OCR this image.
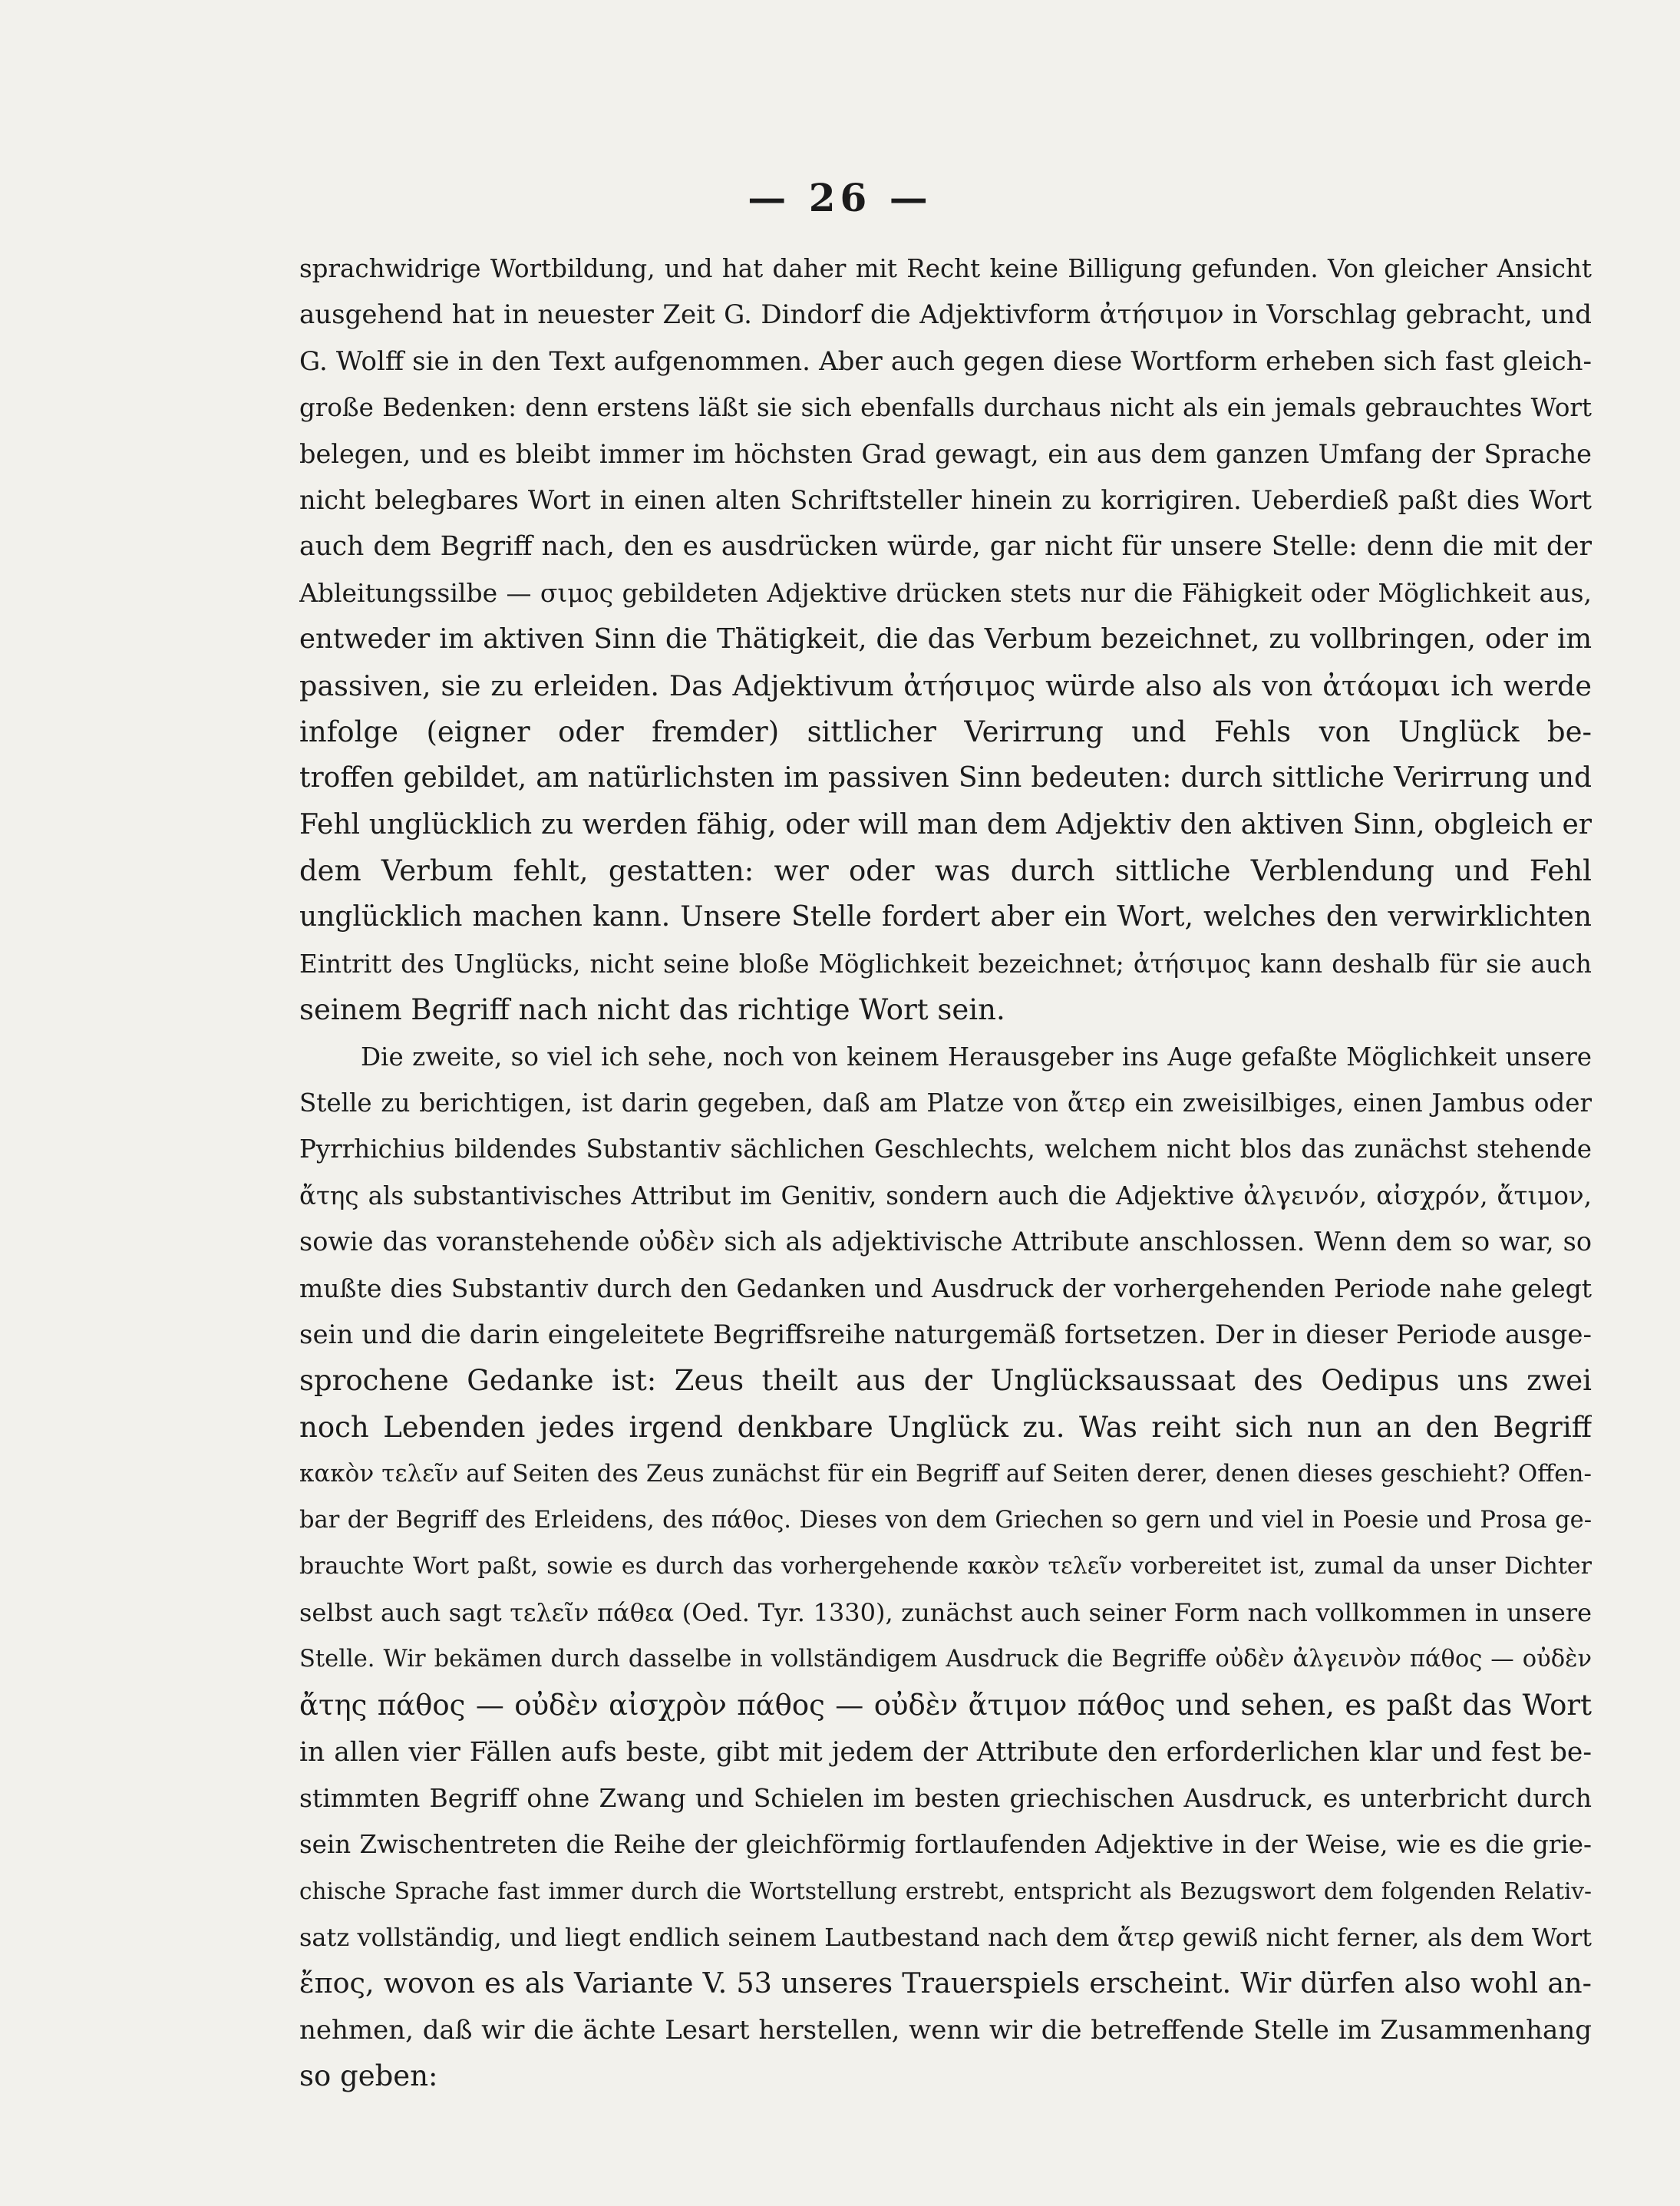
— 26 —
sprachwidrige Wortbildung, und hat daher mit Recht keine Billigung gefunden. Von gleicher Ansicht
ausgehend hat in neuester Zeit G. Dindorf die Adjektivform ἀτήσιμον in Vorschlag gebracht, und
G. Wolff sie in den Text aufgenommen. Aber auch gegen diese Wortform erheben sich fast gleich-
große Bedenken: denn erstens läßt sie sich ebenfalls durchaus nicht als ein jemals gebrauchtes Wort
belegen, und es bleibt immer im höchsten Grad gewagt, ein aus dem ganzen Umfang der Sprache
nicht belegbares Wort in einen alten Schriftsteller hinein zu korrigiren. Ueberdieß paßt dies Wort
auch dem Begriff nach, den es ausdrücken würde, gar nicht für unsere Stelle: denn die mit der
Ableitungssilbe — σιμος gebildeten Adjektive drücken stets nur die Fähigkeit oder Möglichkeit aus,
entweder im aktiven Sinn die Thätigkeit, die das Verbum bezeichnet, zu vollbringen, oder im
passiven, sie zu erleiden. Das Adjektivum ἀτήσιμος würde also als von ἀτάομαι ich werde
infolge (eigner oder fremder) sittlicher Verirrung und Fehls von Unglück be-
troffen gebildet, am natürlichsten im passiven Sinn bedeuten: durch sittliche Verirrung und
Fehl unglücklich zu werden fähig, oder will man dem Adjektiv den aktiven Sinn, obgleich er
dem Verbum fehlt, gestatten: wer oder was durch sittliche Verblendung und Fehl
unglücklich machen kann. Unsere Stelle fordert aber ein Wort, welches den verwirklichten
Eintritt des Unglücks, nicht seine bloße Möglichkeit bezeichnet; ἀτήσιμος kann deshalb für sie auch
seinem Begriff nach nicht das richtige Wort sein.
Die zweite, so viel ich sehe, noch von keinem Herausgeber ins Auge gefaßte Möglichkeit unsere
Stelle zu berichtigen, ist darin gegeben, daß am Platze von ἄτερ ein zweisilbiges, einen Jambus oder
Pyrrhichius bildendes Substantiv sächlichen Geschlechts, welchem nicht blos das zunächst stehende
ἄτης als substantivisches Attribut im Genitiv, sondern auch die Adjektive ἀλγεινόν, αἰσχρόν, ἄτιμον,
sowie das voranstehende οὐδὲν sich als adjektivische Attribute anschlossen. Wenn dem so war, so
mußte dies Substantiv durch den Gedanken und Ausdruck der vorhergehenden Periode nahe gelegt
sein und die darin eingeleitete Begriffsreihe naturgemäß fortsetzen. Der in dieser Periode ausge-
sprochene Gedanke ist: Zeus theilt aus der Unglücksaussaat des Oedipus uns zwei
noch Lebenden jedes irgend denkbare Unglück zu. Was reiht sich nun an den Begriff
κακὸν τελεῖν auf Seiten des Zeus zunächst für ein Begriff auf Seiten derer, denen dieses geschieht? Offen-
bar der Begriff des Erleidens, des πάθος. Dieses von dem Griechen so gern und viel in Poesie und Prosa ge-
brauchte Wort paßt, sowie es durch das vorhergehende κακὸν τελεῖν vorbereitet ist, zumal da unser Dichter
selbst auch sagt τελεῖν πάθεα (Oed. Tyr. 1330), zunächst auch seiner Form nach vollkommen in unsere
Stelle. Wir bekämen durch dasselbe in vollständigem Ausdruck die Begriffe οὐδὲν ἀλγεινὸν πάθος — οὐδὲν
ἄτης πάθος — οὐδὲν αἰσχρὸν πάθος — οὐδὲν ἄτιμον πάθος und sehen, es paßt das Wort
in allen vier Fällen aufs beste, gibt mit jedem der Attribute den erforderlichen klar und fest be-
stimmten Begriff ohne Zwang und Schielen im besten griechischen Ausdruck, es unterbricht durch
sein Zwischentreten die Reihe der gleichförmig fortlaufenden Adjektive in der Weise, wie es die grie-
chische Sprache fast immer durch die Wortstellung erstrebt, entspricht als Bezugswort dem folgenden Relativ-
satz vollständig, und liegt endlich seinem Lautbestand nach dem ἄτερ gewiß nicht ferner, als dem Wort
ἔπος, wovon es als Variante V. 53 unseres Trauerspiels erscheint. Wir dürfen also wohl an-
nehmen, daß wir die ächte Lesart herstellen, wenn wir die betreffende Stelle im Zusammenhang
so geben:
